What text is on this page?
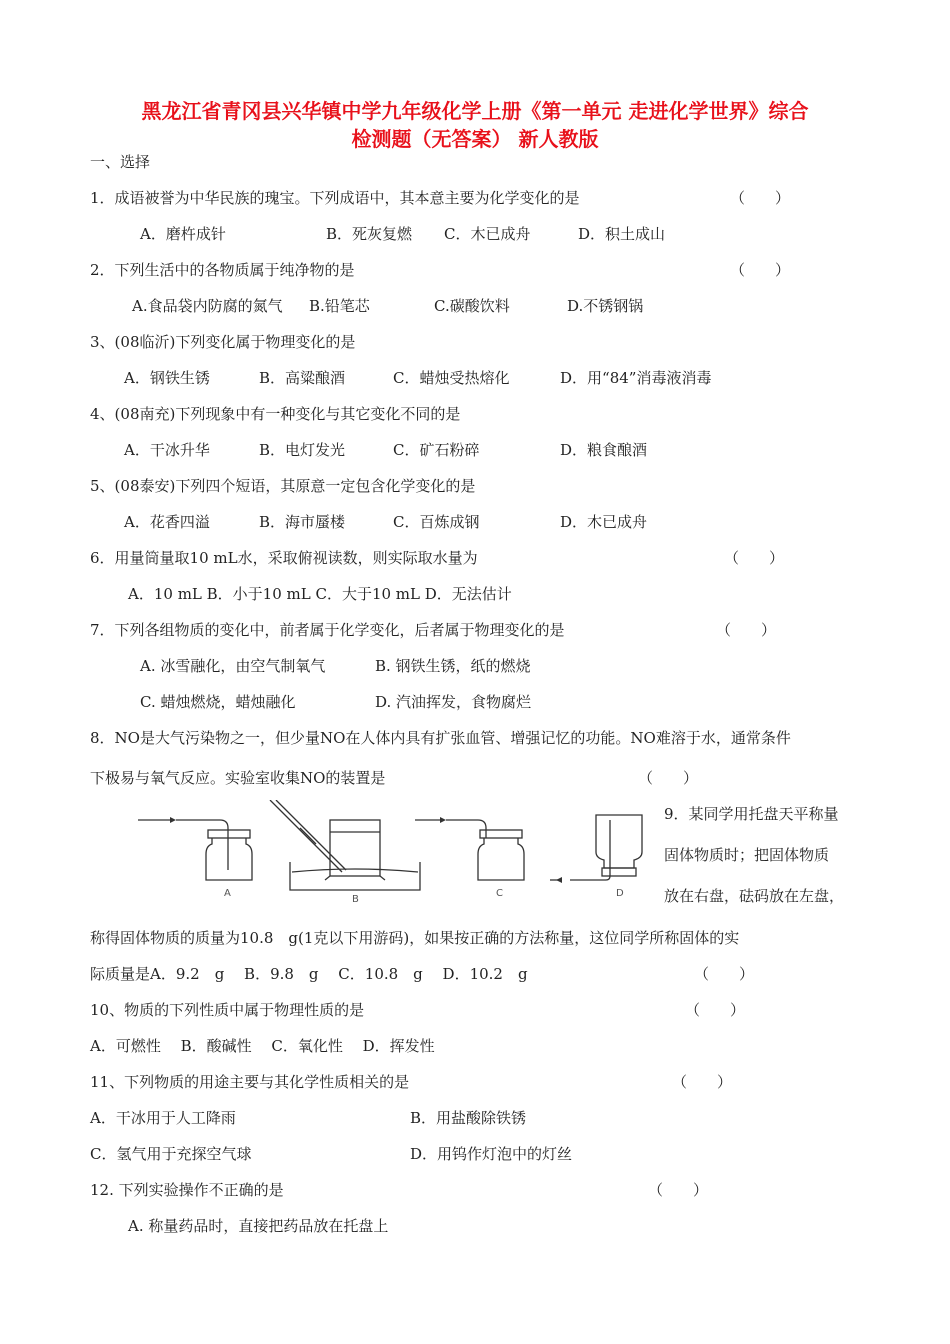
黑龙江省青冈县兴华镇中学九年级化学上册《第一单元 走进化学世界》综合
检测题（无答案） 新人教版
一、选择
1．成语被誉为中华民族的瑰宝。下列成语中，其本意主要为化学变化的是	（　　）
A．磨杵成针	B．死灰复燃 C．木已成舟	D．积土成山
2．下列生活中的各物质属于纯净物的是	（　　）
A.食品袋内防腐的氮气 B.铅笔芯	C.碳酸饮料	D.不锈钢锅
3、(08临沂)下列变化属于物理变化的是
A．钢铁生锈	B．高粱酿酒	C．蜡烛受热熔化	D．用“84”消毒液消毒
4、(08南充)下列现象中有一种变化与其它变化不同的是
A．干冰升华	B．电灯发光	C．矿石粉碎	D．粮食酿酒
5、(08泰安)下列四个短语，其原意一定包含化学变化的是
A．花香四溢	B．海市蜃楼	C．百炼成钢	D．木已成舟
6．用量筒量取10 mL水，采取俯视读数，则实际取水量为	（　　）
A．10 mL B．小于10 mL C．大于10 mL D．无法估计
7．下列各组物质的变化中，前者属于化学变化，后者属于物理变化的是	（　　）
A. 冰雪融化，由空气制氧气	B. 钢铁生锈，纸的燃烧
C. 蜡烛燃烧，蜡烛融化	D. 汽油挥发，食物腐烂
8．NO是大气污染物之一，但少量NO在人体内具有扩张血管、增强记忆的功能。NO难溶于水，通常条件
下极易与氧气反应。实验室收集NO的装置是	（　　）
A
B
C	D
9．某同学用托盘天平称量
固体物质时；把固体物质
放在右盘，砝码放在左盘，
称得固体物质的质量为10.8　g(1克以下用游码)，如果按正确的方法称量，这位同学所称固体的实
际质量是A．9.2　g　 B．9.8　g　 C．10.8　g　 D．10.2　g	（　　）
10、物质的下列性质中属于物理性质的是	（　　）
A．可燃性　 B．酸碱性　 C．氧化性　 D．挥发性
11、下列物质的用途主要与其化学性质相关的是	（　　）
A．干冰用于人工降雨	B．用盐酸除铁锈
C．氢气用于充探空气球	D．用钨作灯泡中的灯丝
12. 下列实验操作不正确的是	（　　）
A. 称量药品时，直接把药品放在托盘上
